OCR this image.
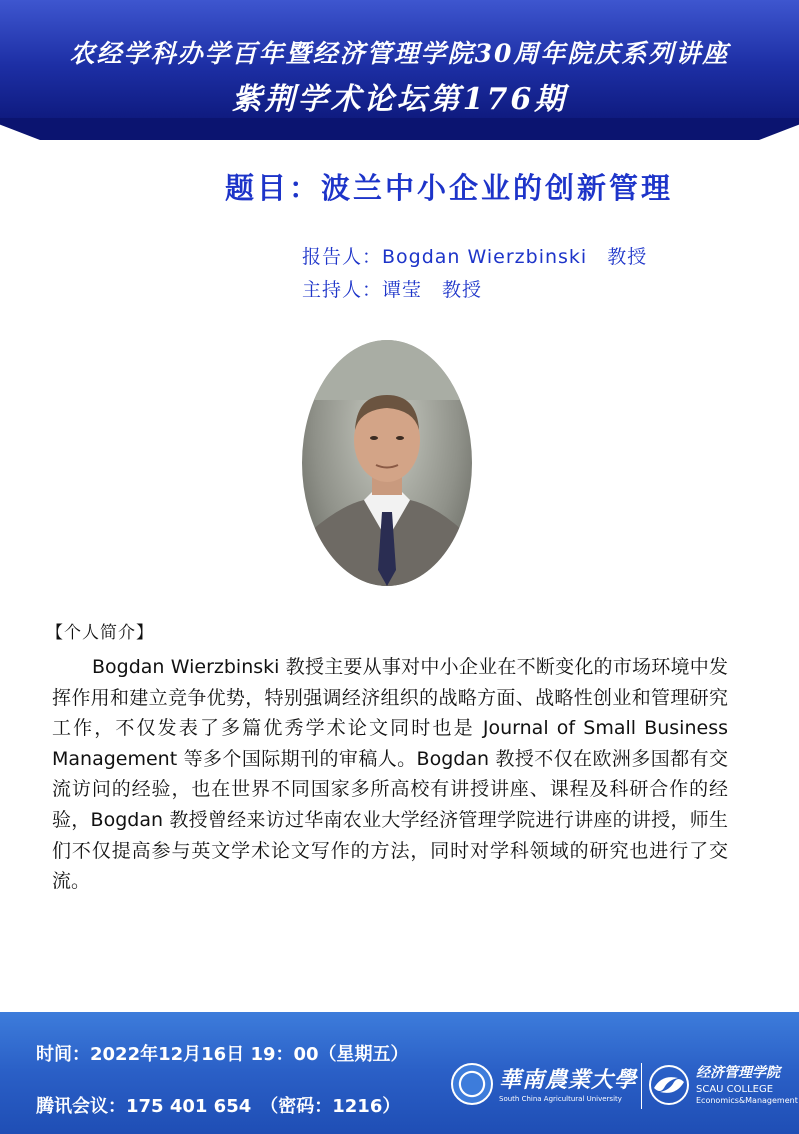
农经学科办学百年暨经济管理学院30周年院庆系列讲座
紫荆学术论坛第176期
题目：波兰中小企业的创新管理
报告人：Bogdan Wierzbinski　教授
主持人：谭莹　教授
【个人简介】
Bogdan Wierzbinski 教授主要从事对中小企业在不断变化的市场环境中发挥作用和建立竞争优势，特别强调经济组织的战略方面、战略性创业和管理研究工作，不仅发表了多篇优秀学术论文同时也是 Journal of Small Business Management 等多个国际期刊的审稿人。Bogdan 教授不仅在欧洲多国都有交流访问的经验，也在世界不同国家多所高校有讲授讲座、课程及科研合作的经验，Bogdan 教授曾经来访过华南农业大学经济管理学院进行讲座的讲授，师生们不仅提高参与英文学术论文写作的方法，同时对学科领域的研究也进行了交流。
时间：2022年12月16日 19：00（星期五）
腾讯会议：175 401 654　（密码：1216）
華南農業大學
South China Agricultural University
经济管理学院
SCAU COLLEGE
Economics&Management
